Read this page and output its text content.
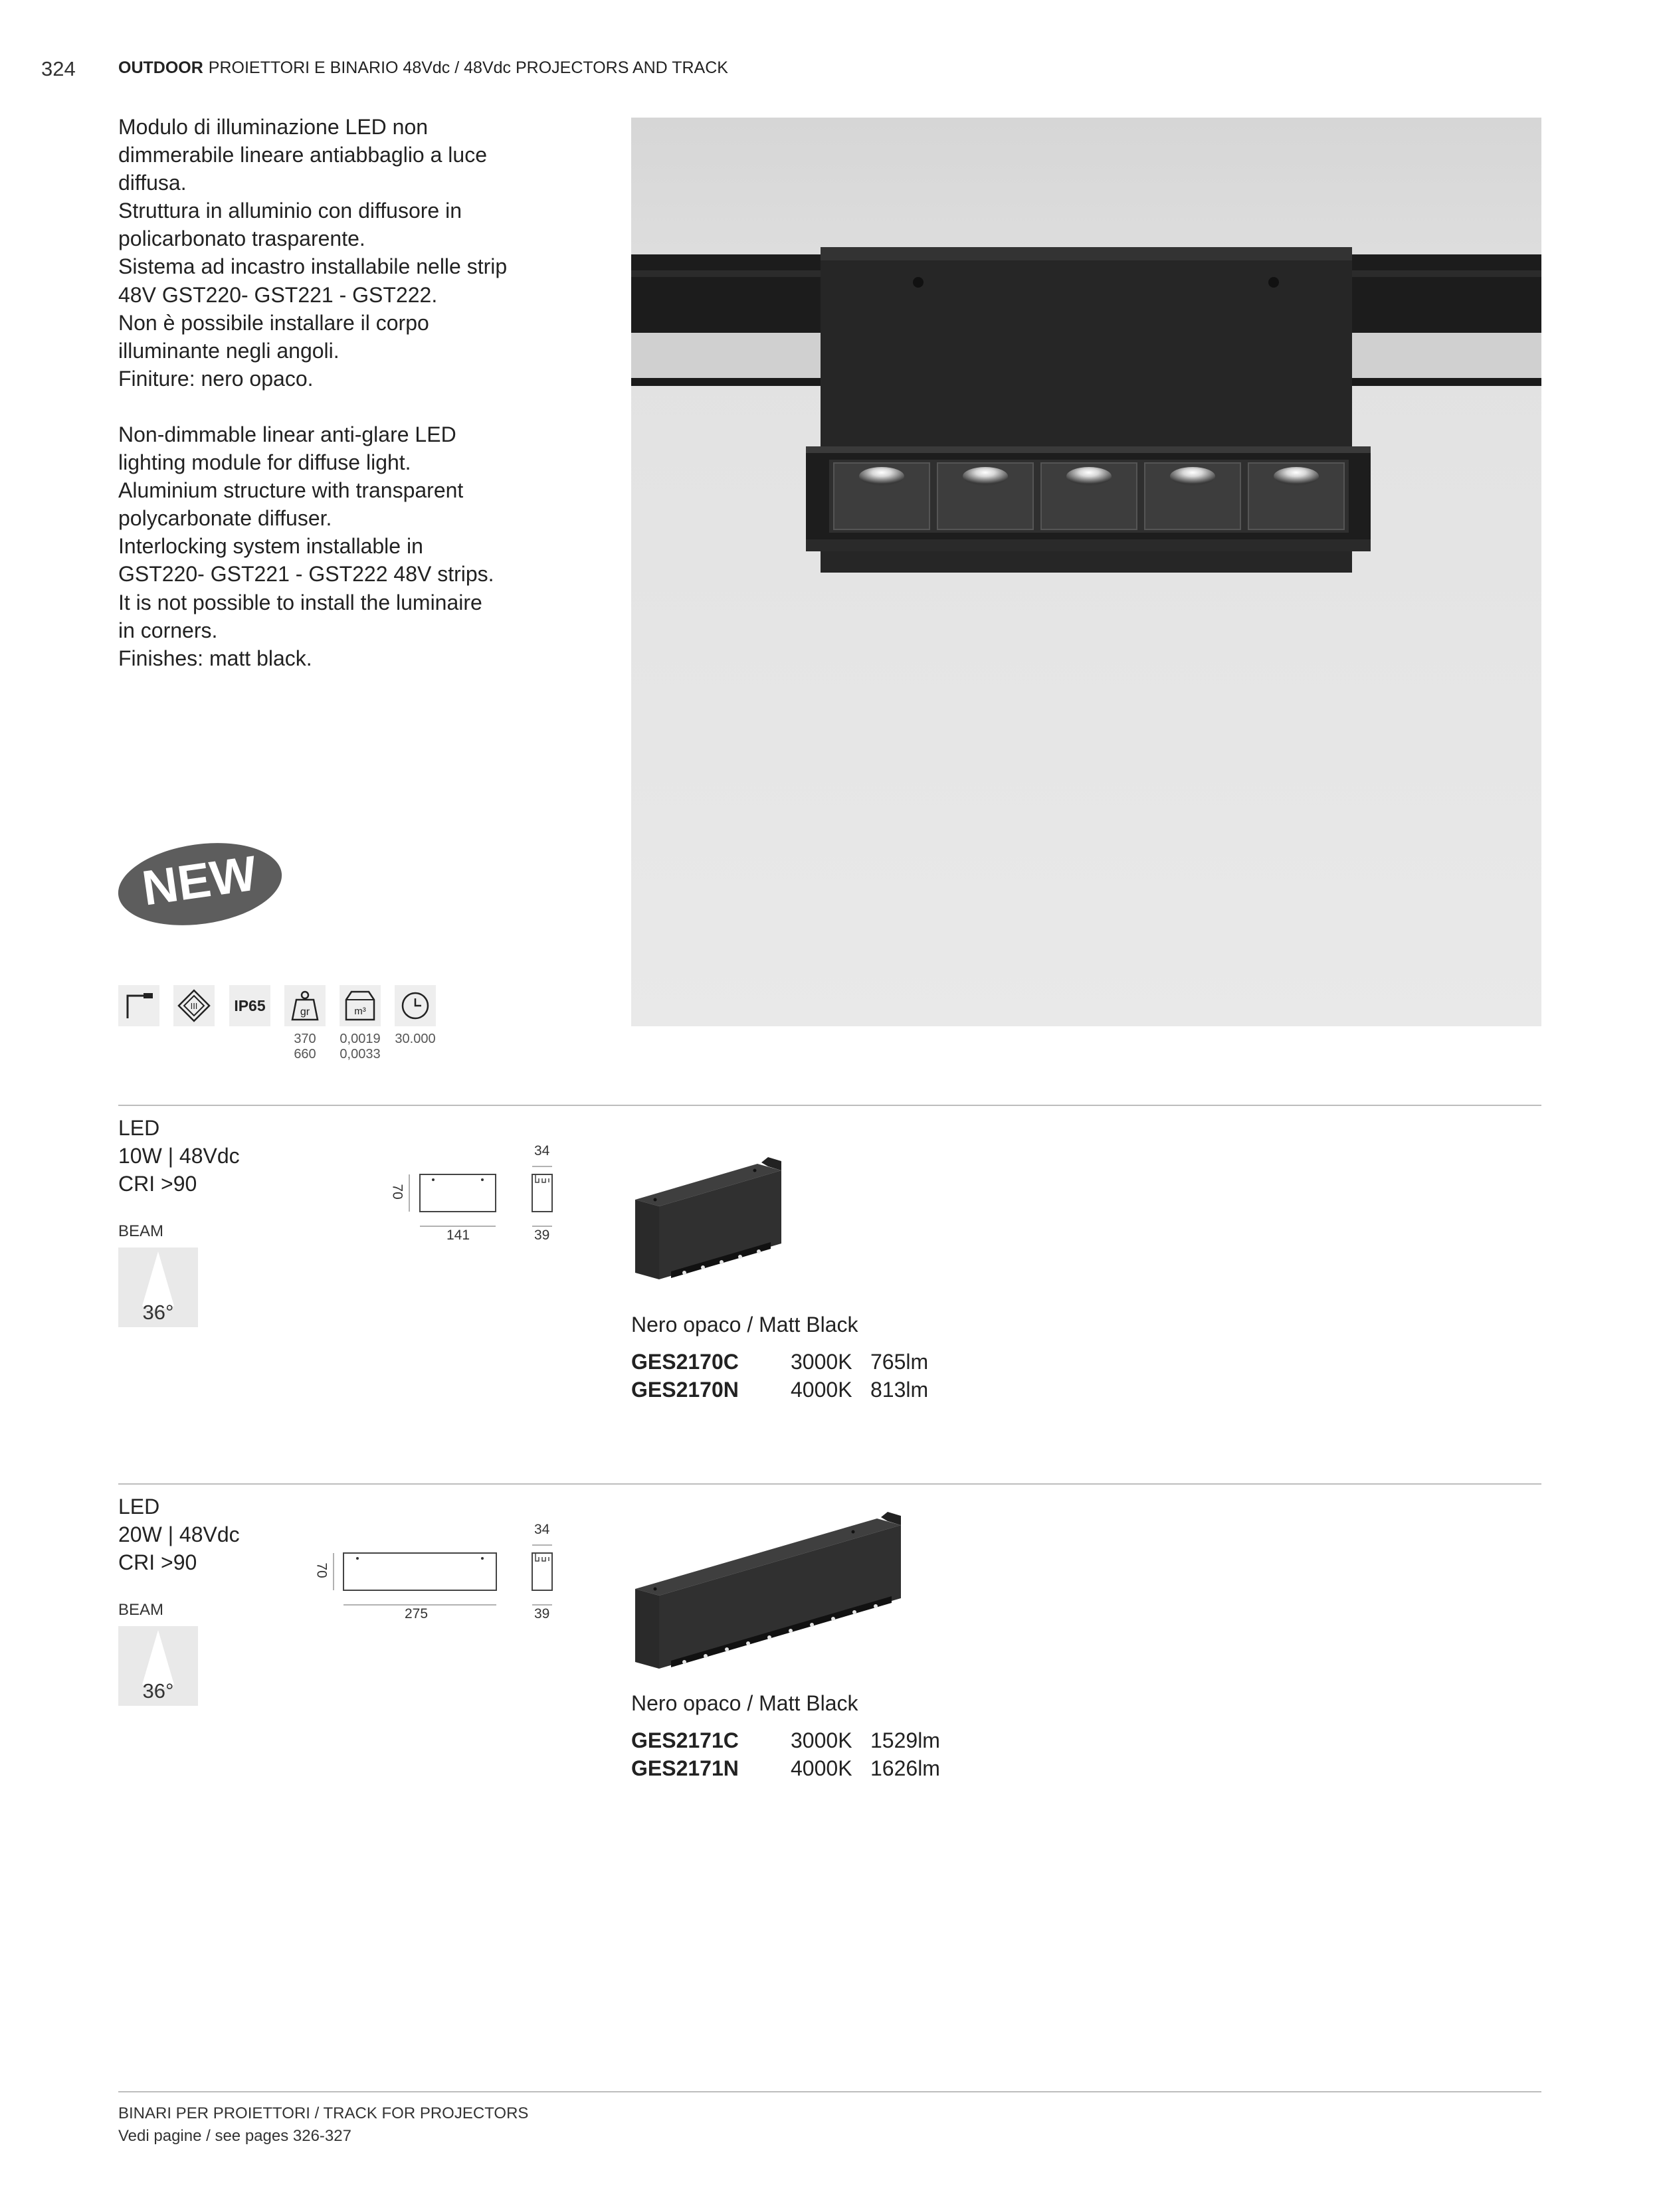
324	OUTDOOR PROIETTORI E BINARIO 48Vdc / 48Vdc PROJECTORS AND TRACK

Modulo di illuminazione LED non

dimmerabile lineare antiabbaglio a luce

diffusa.

Struttura in alluminio con diffusore in

policarbonato trasparente.

Sistema ad incastro installabile nelle strip

48V GST220- GST221 - GST222.

Non è possibile installare il corpo

illuminante negli angoli.

Finiture: nero opaco.

Non-dimmable linear anti-glare LED

lighting module for diffuse light.

Aluminium structure with transparent

polycarbonate diffuser.

Interlocking system installable in

GST220- GST221 - GST222 48V strips.

It is not possible to install the luminaire

in corners.

Finishes: matt black.

NEW
III	IP65	gr	m³
370
660
0,0019
0,0033
30.000
LED
10W | 48Vdc
CRI >90
BEAM
36°
70
141
34
39
Nero opaco / Matt Black
GES2170C 3000K 765lm
GES2170N 4000K 813lm
LED
20W | 48Vdc
CRI >90
BEAM
36°
70
275
34
39
Nero opaco / Matt Black
GES2171C 3000K 1529lm
GES2171N 4000K 1626lm
BINARI PER PROIETTORI / TRACK FOR PROJECTORS
Vedi pagine / see pages 326-327
